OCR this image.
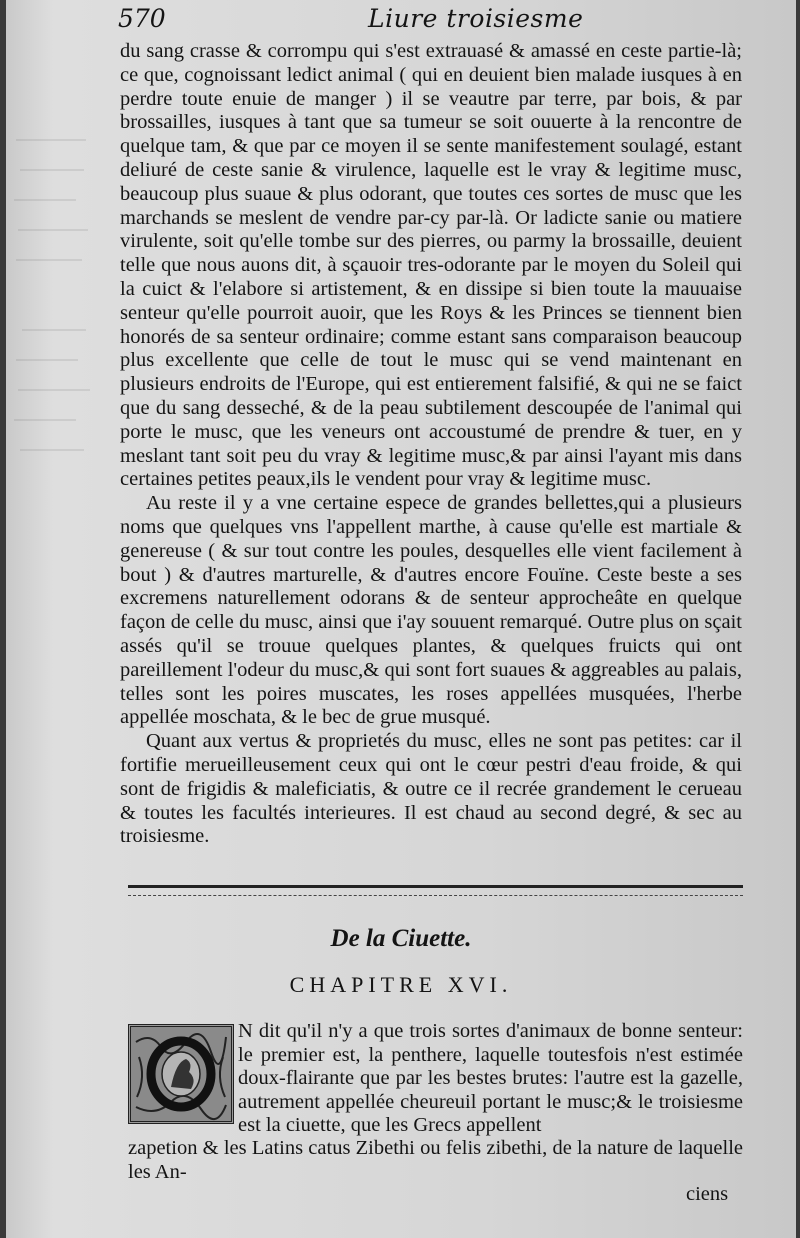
570	Liure troisiesme

du sang crasse & corrompu qui s'est extrauasé & amassé en ceste partie-là; ce que, cognoissant ledict animal ( qui en deuient bien malade iusques à en perdre toute enuie de manger ) il se veautre par terre, par bois, & par brossailles, iusques à tant que sa tumeur se soit ouuerte à la rencontre de quelque tam, & que par ce moyen il se sente manifestement soulagé, estant deliuré de ceste sanie & virulence, laquelle est le vray & legitime musc, beaucoup plus suaue & plus odorant, que toutes ces sortes de musc que les marchands se meslent de vendre par-cy par-là. Or ladicte sanie ou matiere virulente, soit qu'elle tombe sur des pierres, ou parmy la brossaille, deuient telle que nous auons dit, à sçauoir tres-odorante par le moyen du Soleil qui la cuict & l'elabore si artistement, & en dissipe si bien toute la mauuaise senteur qu'elle pourroit auoir, que les Roys & les Princes se tiennent bien honorés de sa senteur ordinaire; comme estant sans comparaison beaucoup plus excellente que celle de tout le musc qui se vend maintenant en plusieurs endroits de l'Europe, qui est entierement falsifié, & qui ne se faict que du sang desseché, & de la peau subtilement descoupée de l'animal qui porte le musc, que les veneurs ont accoustumé de prendre & tuer, en y meslant tant soit peu du vray & legitime musc,& par ainsi l'ayant mis dans certaines petites peaux,ils le vendent pour vray & legitime musc.

Au reste il y a vne certaine espece de grandes bellettes,qui a plusieurs noms que quelques vns l'appellent marthe, à cause qu'elle est martiale & genereuse ( & sur tout contre les poules, desquelles elle vient facilement à bout ) & d'autres marturelle, & d'autres encore Fouïne. Ceste beste a ses excremens naturellement odorans & de senteur approcheâte en quelque façon de celle du musc, ainsi que i'ay souuent remarqué. Outre plus on sçait assés qu'il se trouue quelques plantes, & quelques fruicts qui ont pareillement l'odeur du musc,& qui sont fort suaues & aggreables au palais, telles sont les poires muscates, les roses appellées musquées, l'herbe appellée moschata, & le bec de grue musqué.

Quant aux vertus & proprietés du musc, elles ne sont pas petites: car il fortifie merueilleusement ceux qui ont le cœur pestri d'eau froide, & qui sont de frigidis & maleficiatis, & outre ce il recrée grandement le cerueau & toutes les facultés interieures. Il est chaud au second degré, & sec au troisiesme.

De la Ciuette.
CHAPITRE XVI.
N dit qu'il n'y a que trois sortes d'animaux de bonne senteur: le premier est, la penthere, laquelle toutesfois n'est estimée doux-flairante que par les bestes brutes: l'autre est la gazelle, autrement appellée cheureuil portant le musc;& le troisiesme est la ciuette, que les Grecs appellent
zapetion & les Latins catus Zibethi ou felis zibethi, de la nature de laquelle les An-
ciens
